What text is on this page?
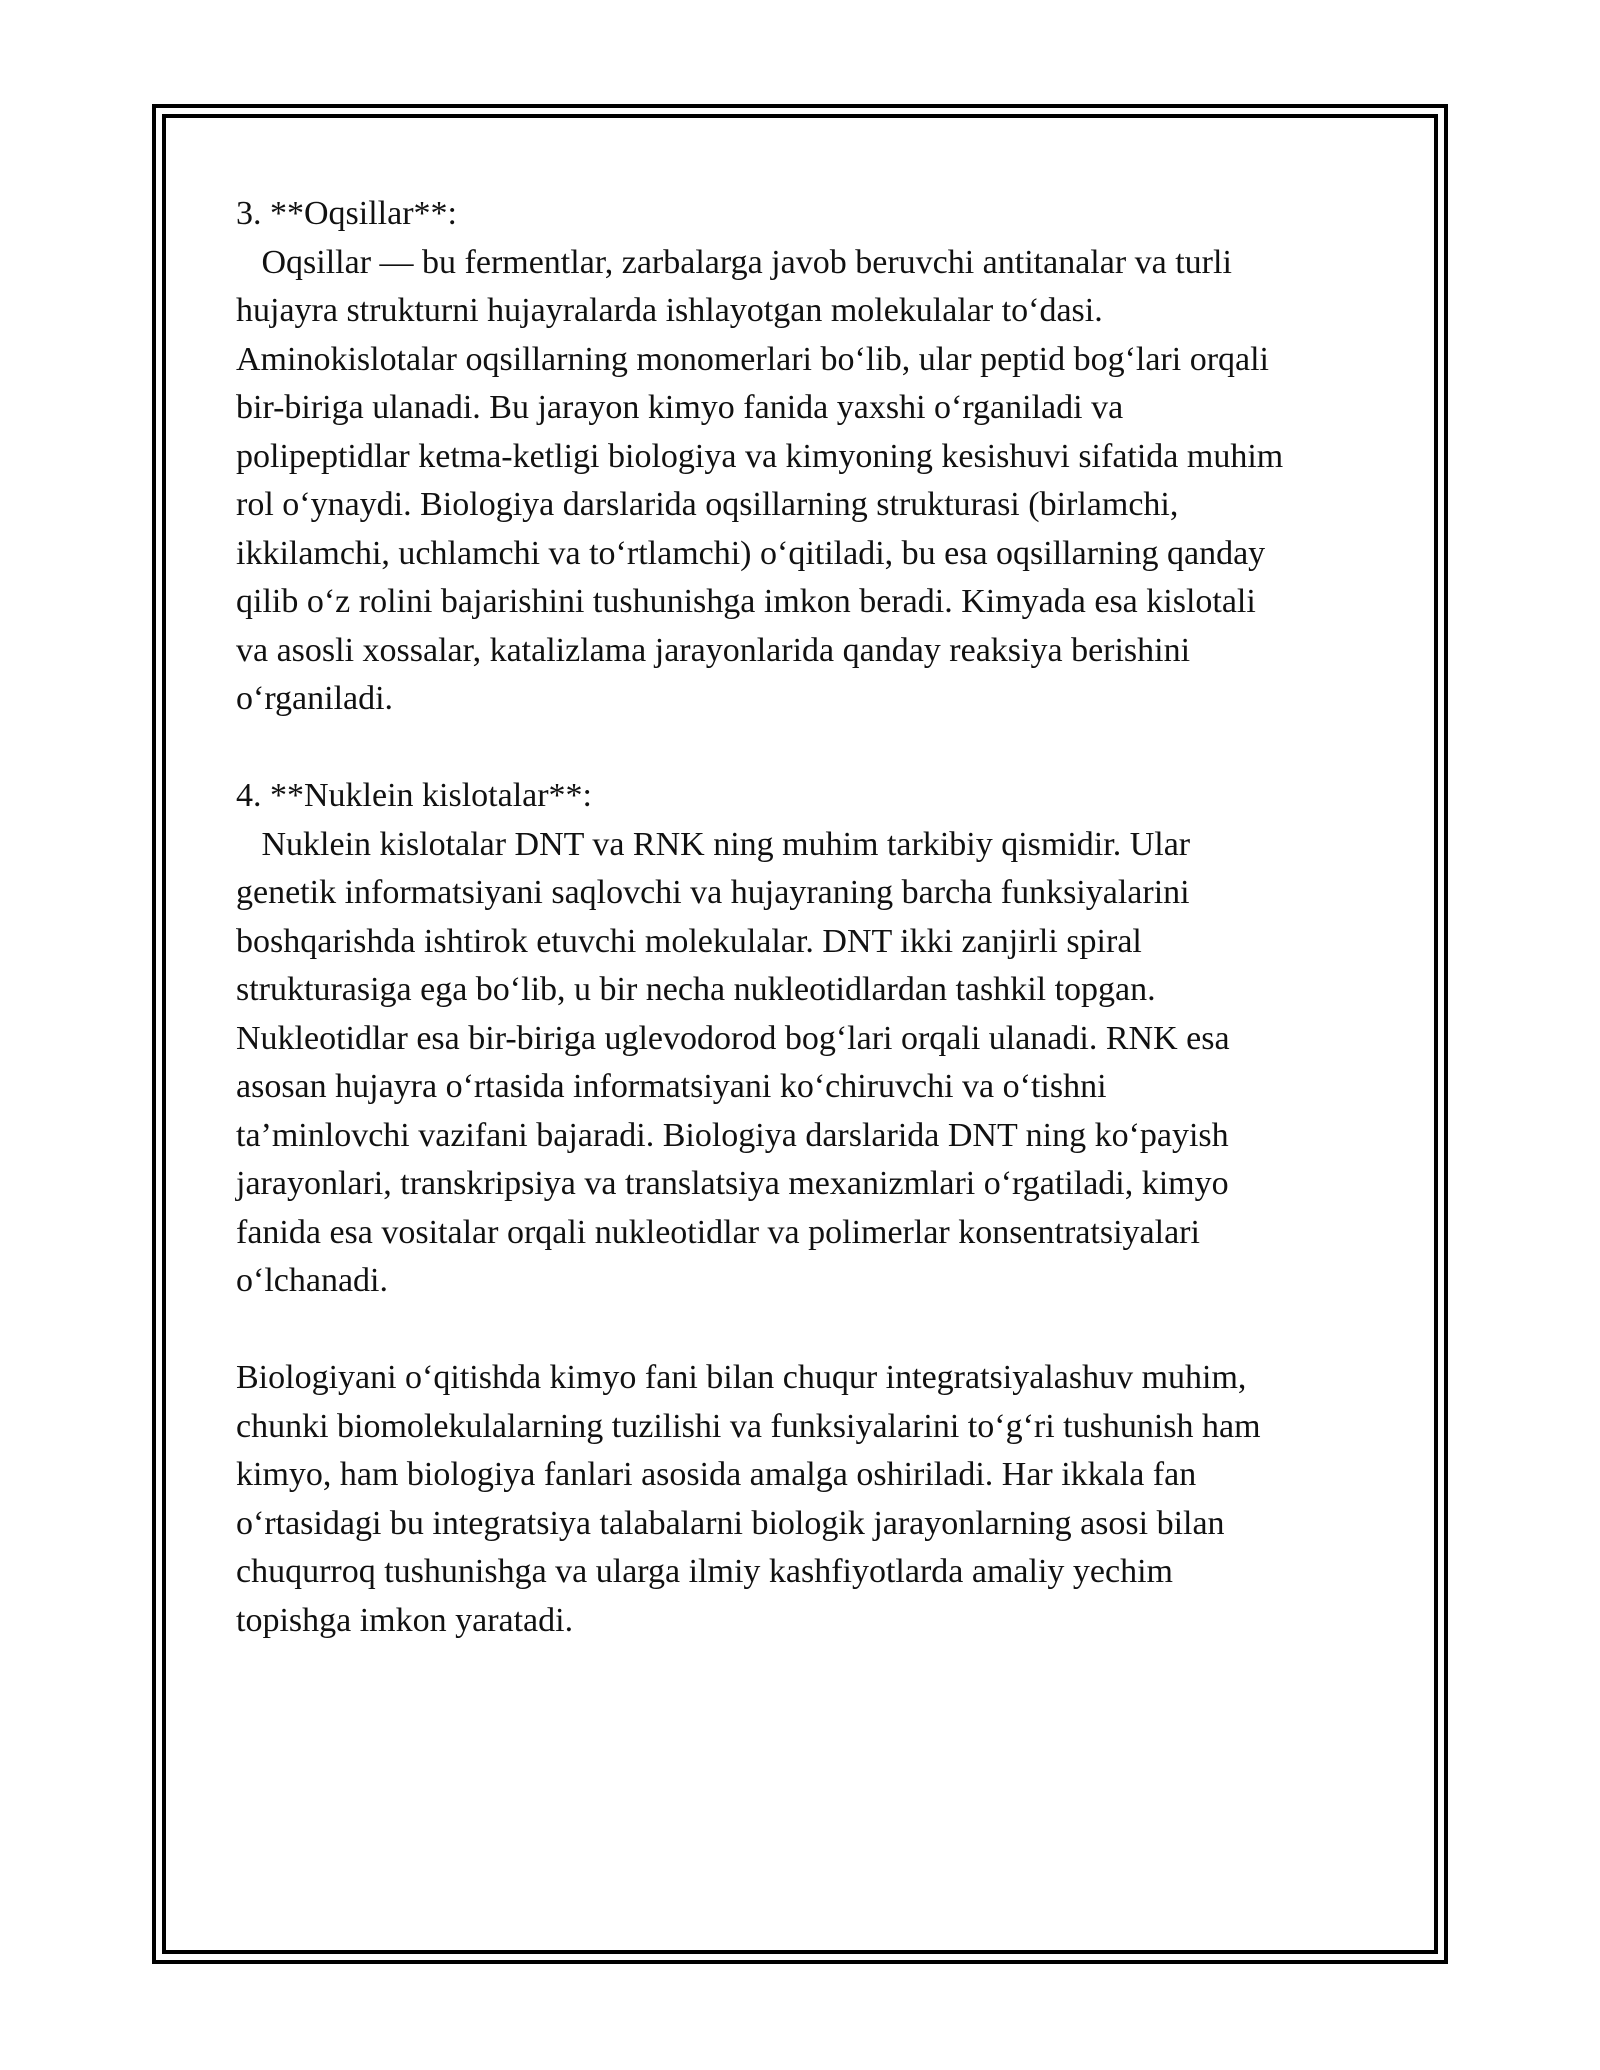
3. **Oqsillar**:
Oqsillar — bu fermentlar, zarbalarga javob beruvchi antitanalar va turli
hujayra strukturni hujayralarda ishlayotgan molekulalar to‘dasi.
Aminokislotalar oqsillarning monomerlari bo‘lib, ular peptid bog‘lari orqali
bir-biriga ulanadi. Bu jarayon kimyo fanida yaxshi o‘rganiladi va
polipeptidlar ketma-ketligi biologiya va kimyoning kesishuvi sifatida muhim
rol o‘ynaydi. Biologiya darslarida oqsillarning strukturasi (birlamchi,
ikkilamchi, uchlamchi va to‘rtlamchi) o‘qitiladi, bu esa oqsillarning qanday
qilib o‘z rolini bajarishini tushunishga imkon beradi. Kimyada esa kislotali
va asosli xossalar, katalizlama jarayonlarida qanday reaksiya berishini
o‘rganiladi.
4. **Nuklein kislotalar**:
Nuklein kislotalar DNT va RNK ning muhim tarkibiy qismidir. Ular
genetik informatsiyani saqlovchi va hujayraning barcha funksiyalarini
boshqarishda ishtirok etuvchi molekulalar. DNT ikki zanjirli spiral
strukturasiga ega bo‘lib, u bir necha nukleotidlardan tashkil topgan.
Nukleotidlar esa bir-biriga uglevodorod bog‘lari orqali ulanadi. RNK esa
asosan hujayra o‘rtasida informatsiyani ko‘chiruvchi va o‘tishni
ta’minlovchi vazifani bajaradi. Biologiya darslarida DNT ning ko‘payish
jarayonlari, transkripsiya va translatsiya mexanizmlari o‘rgatiladi, kimyo
fanida esa vositalar orqali nukleotidlar va polimerlar konsentratsiyalari
o‘lchanadi.
Biologiyani o‘qitishda kimyo fani bilan chuqur integratsiyalashuv muhim,
chunki biomolekulalarning tuzilishi va funksiyalarini to‘g‘ri tushunish ham
kimyo, ham biologiya fanlari asosida amalga oshiriladi. Har ikkala fan
o‘rtasidagi bu integratsiya talabalarni biologik jarayonlarning asosi bilan
chuqurroq tushunishga va ularga ilmiy kashfiyotlarda amaliy yechim
topishga imkon yaratadi.
